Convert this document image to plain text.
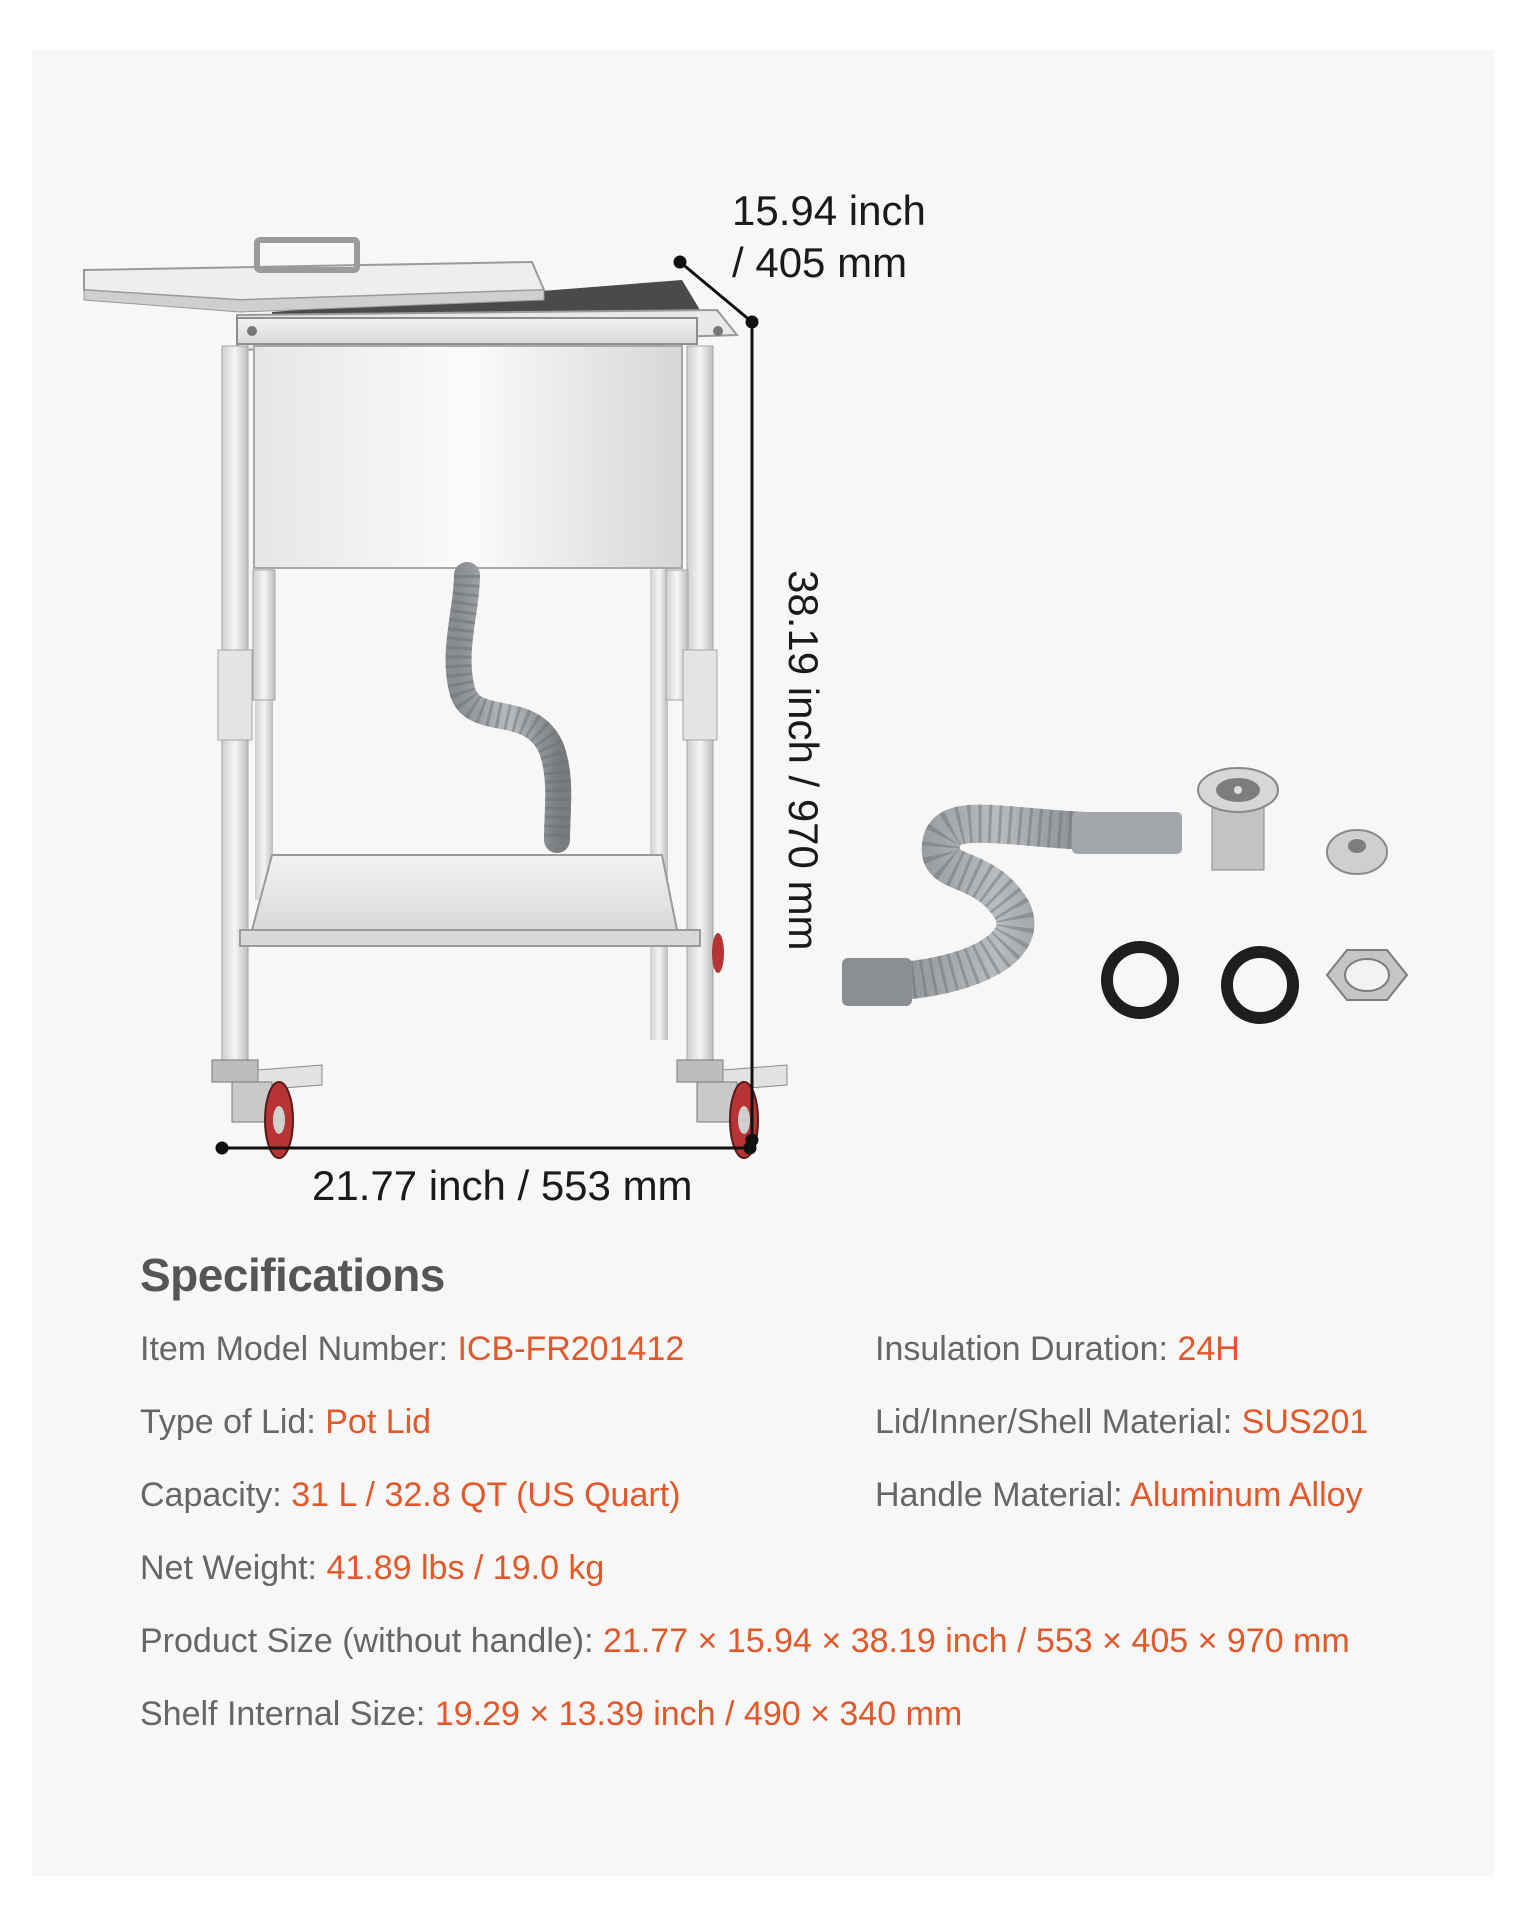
15.94 inch
/ 405 mm
38.19 inch / 970 mm
21.77 inch / 553 mm
Specifications
Item Model Number: ICB-FR201412	Insulation Duration: 24H
Type of Lid: Pot Lid	Lid/Inner/Shell Material: SUS201
Capacity: 31 L / 32.8 QT (US Quart)	Handle Material: Aluminum Alloy
Net Weight: 41.89 lbs / 19.0 kg
Product Size (without handle): 21.77 × 15.94 × 38.19 inch / 553 × 405 × 970 mm
Shelf Internal Size: 19.29 × 13.39 inch / 490 × 340 mm
